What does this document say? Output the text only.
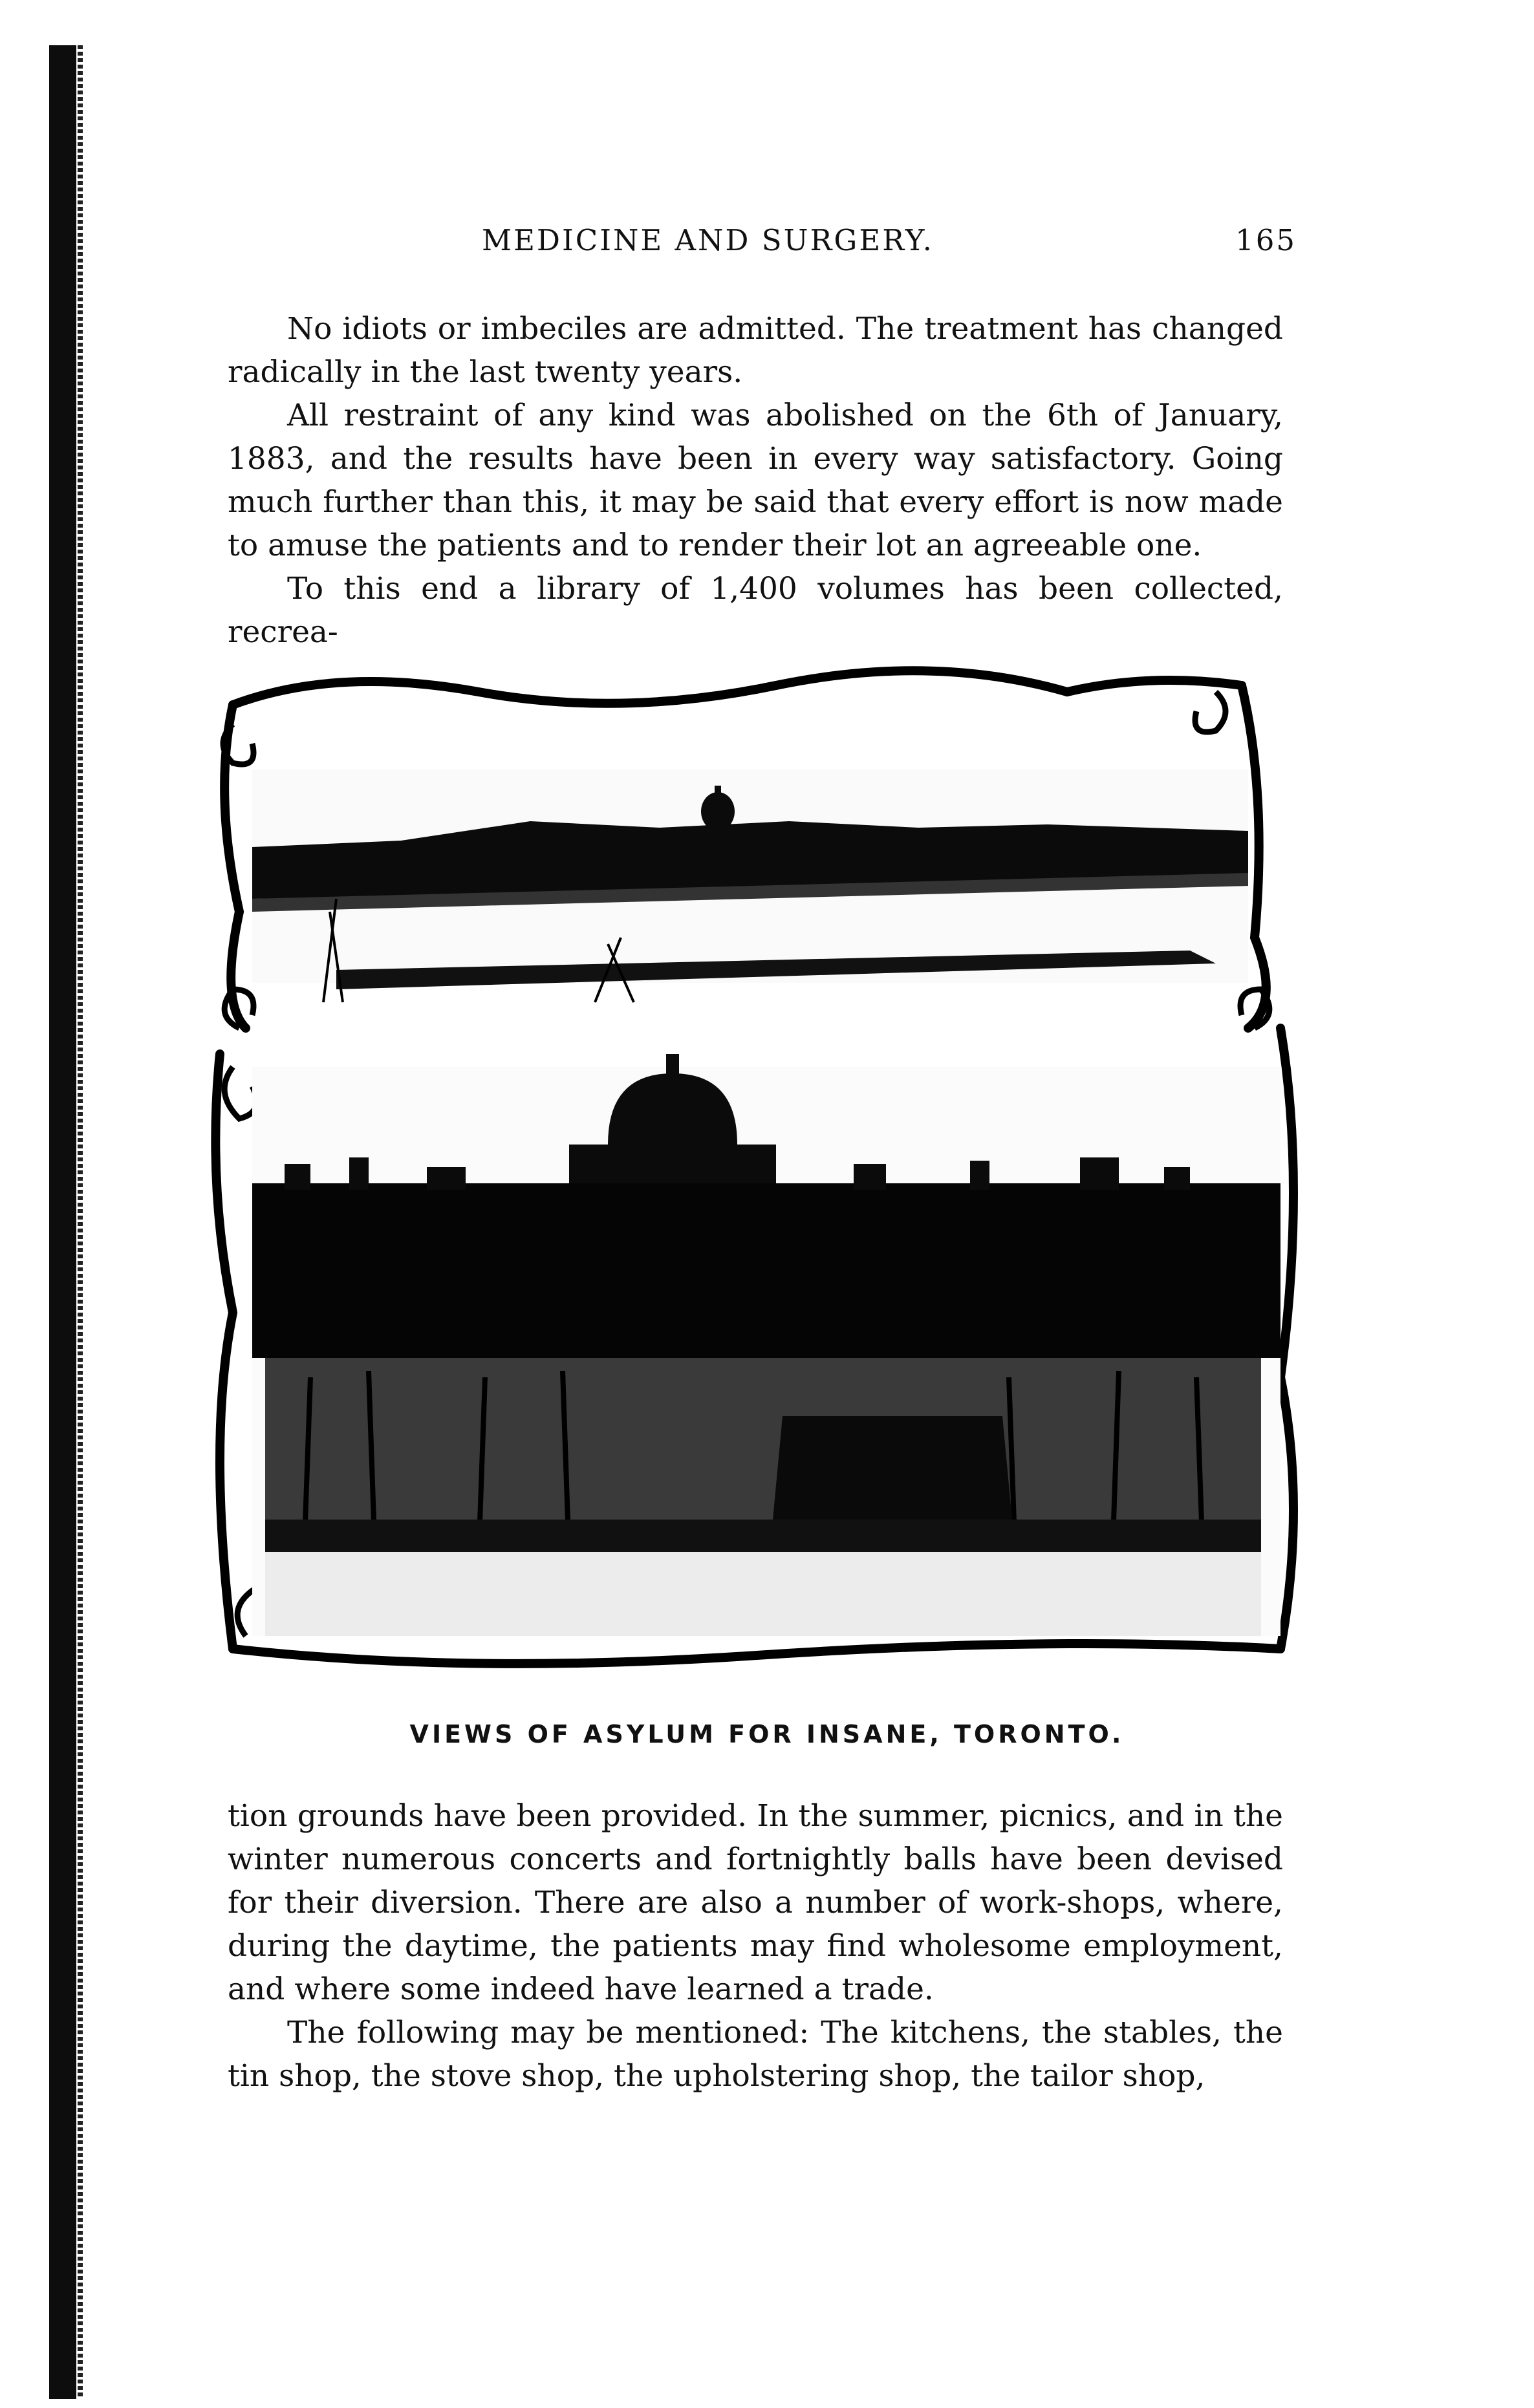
MEDICINE AND SURGERY.	165

No idiots or imbeciles are admitted. The treatment has changed radically in the last twenty years.

All restraint of any kind was abolished on the 6th of January, 1883, and the results have been in every way satisfactory. Going much further than this, it may be said that every effort is now made to amuse the patients and to render their lot an agreeable one.

To this end a library of 1,400 volumes has been collected, recrea-

VIEWS OF ASYLUM FOR INSANE, TORONTO.

tion grounds have been provided. In the summer, picnics, and in the winter numerous concerts and fortnightly balls have been devised for their diversion. There are also a number of work-shops, where, during the daytime, the patients may find wholesome employment, and where some indeed have learned a trade.

The following may be mentioned: The kitchens, the stables, the tin shop, the stove shop, the upholstering shop, the tailor shop,
